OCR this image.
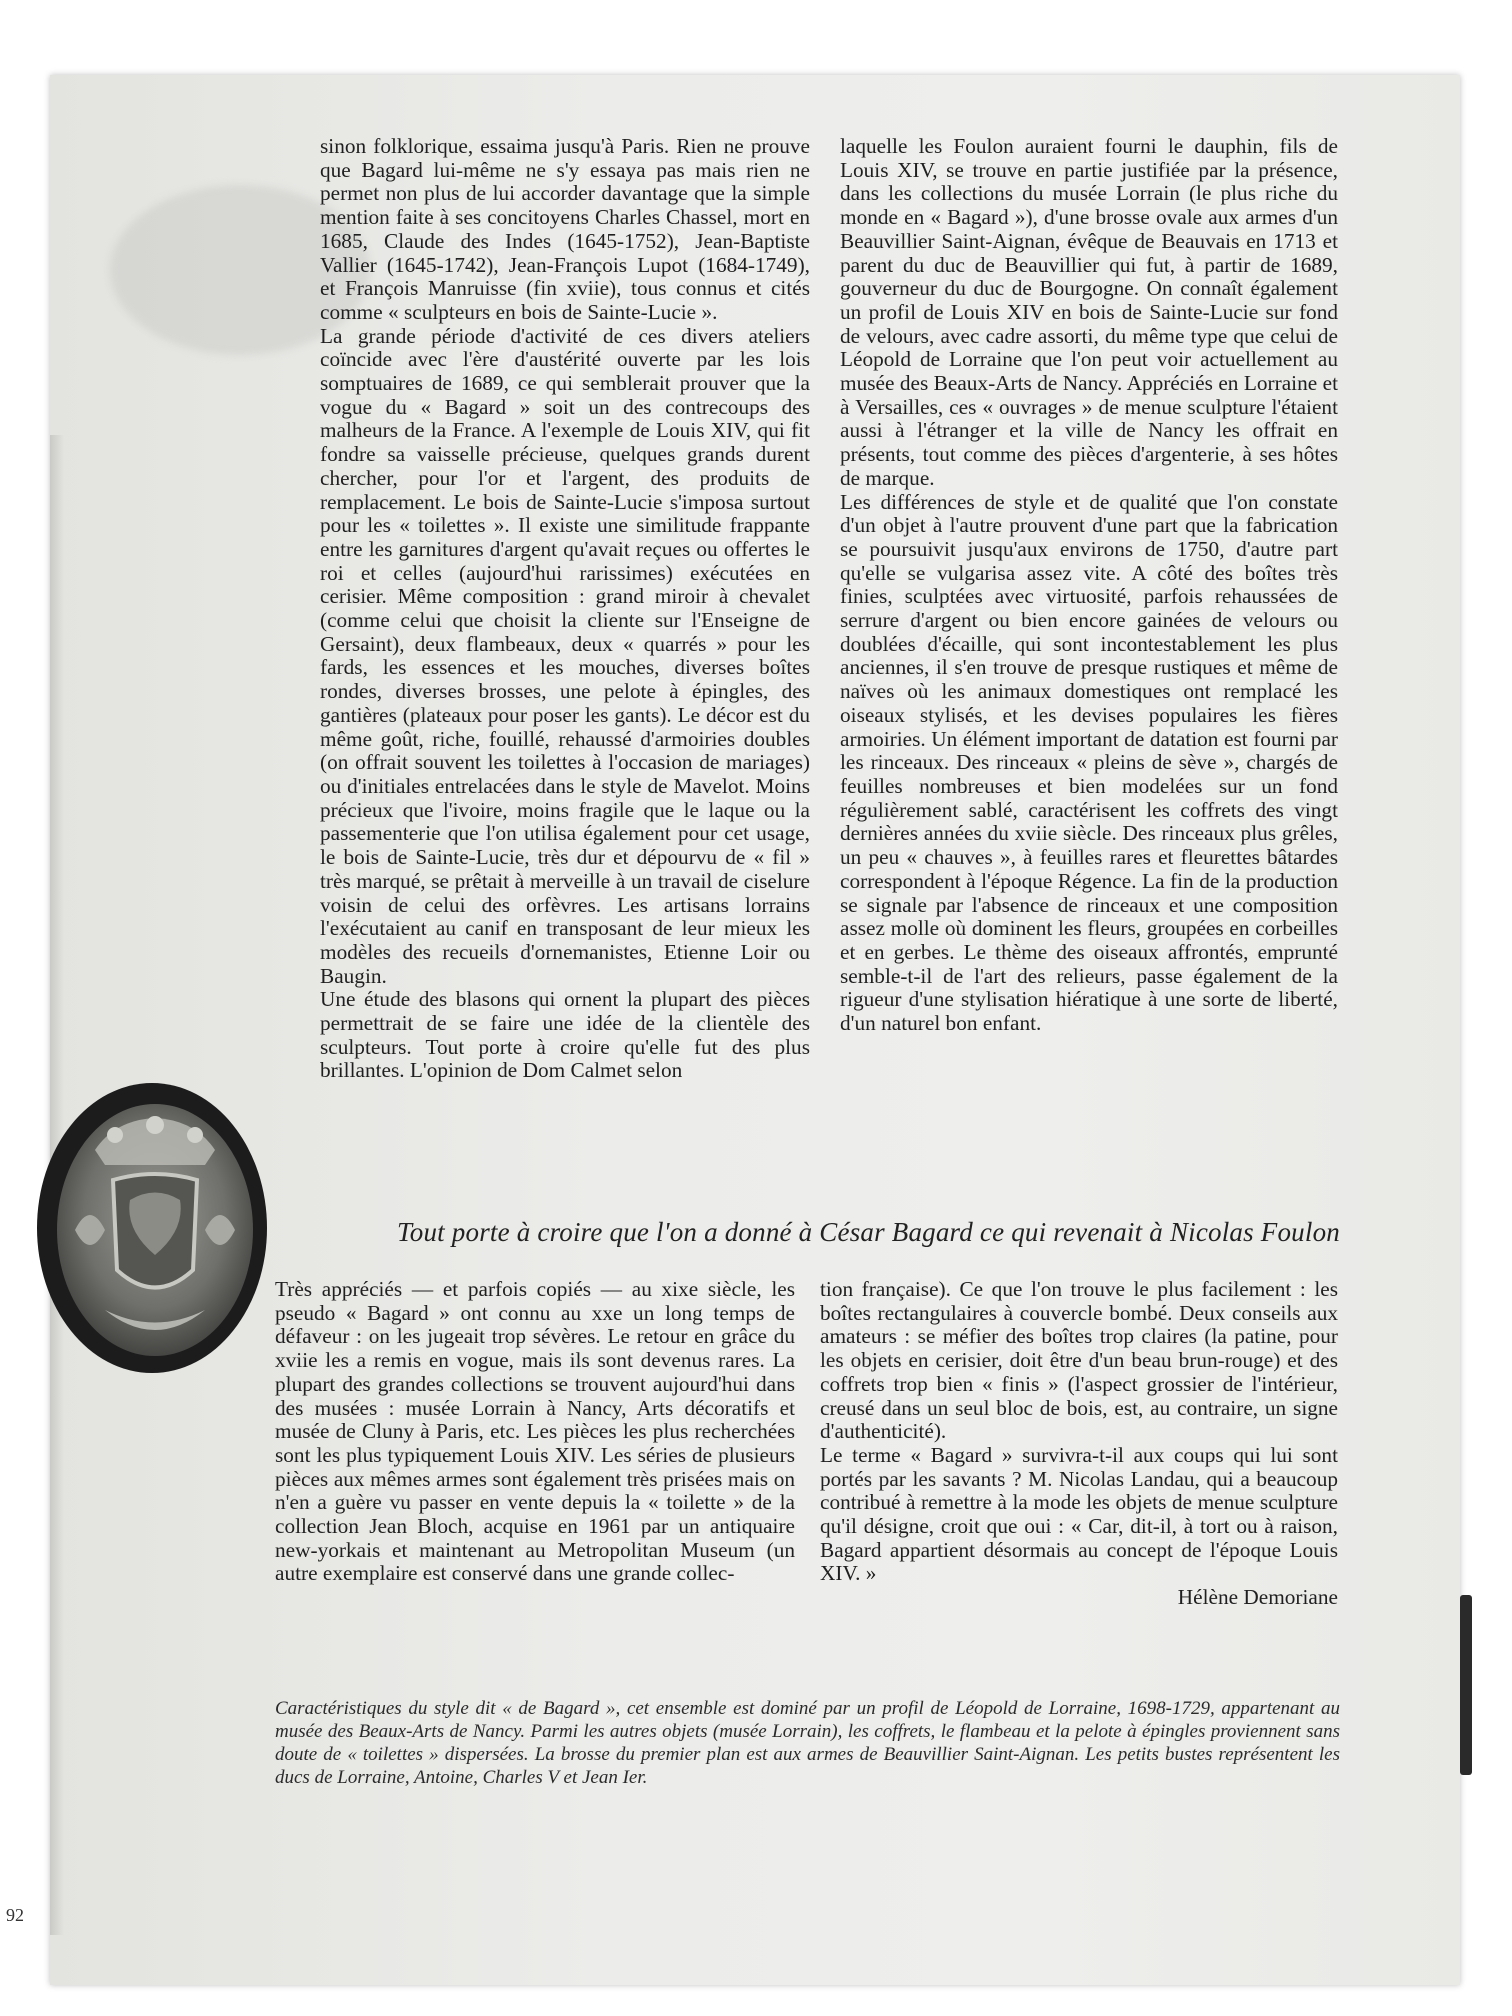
sinon folklorique, essaima jusqu'à Paris. Rien ne prouve que Bagard lui-même ne s'y essaya pas mais rien ne permet non plus de lui accorder davantage que la simple mention faite à ses concitoyens Charles Chassel, mort en 1685, Claude des Indes (1645-1752), Jean-Baptiste Vallier (1645-1742), Jean-François Lupot (1684-1749), et François Manruisse (fin xviie), tous connus et cités comme « sculpteurs en bois de Sainte-Lucie ».

La grande période d'activité de ces divers ateliers coïncide avec l'ère d'austérité ouverte par les lois somptuaires de 1689, ce qui semblerait prouver que la vogue du « Bagard » soit un des contrecoups des malheurs de la France. A l'exemple de Louis XIV, qui fit fondre sa vaisselle précieuse, quelques grands durent chercher, pour l'or et l'argent, des produits de remplacement. Le bois de Sainte-Lucie s'imposa surtout pour les « toilettes ». Il existe une similitude frappante entre les garnitures d'argent qu'avait reçues ou offertes le roi et celles (aujourd'hui rarissimes) exécutées en cerisier. Même composition : grand miroir à chevalet (comme celui que choisit la cliente sur l'Enseigne de Gersaint), deux flambeaux, deux « quarrés » pour les fards, les essences et les mouches, diverses boîtes rondes, diverses brosses, une pelote à épingles, des gantières (plateaux pour poser les gants). Le décor est du même goût, riche, fouillé, rehaussé d'armoiries doubles (on offrait souvent les toilettes à l'occasion de mariages) ou d'initiales entrelacées dans le style de Mavelot. Moins précieux que l'ivoire, moins fragile que le laque ou la passementerie que l'on utilisa également pour cet usage, le bois de Sainte-Lucie, très dur et dépourvu de « fil » très marqué, se prêtait à merveille à un travail de ciselure voisin de celui des orfèvres. Les artisans lorrains l'exécutaient au canif en transposant de leur mieux les modèles des recueils d'ornemanistes, Etienne Loir ou Baugin.

Une étude des blasons qui ornent la plupart des pièces permettrait de se faire une idée de la clientèle des sculpteurs. Tout porte à croire qu'elle fut des plus brillantes. L'opinion de Dom Calmet selon

laquelle les Foulon auraient fourni le dauphin, fils de Louis XIV, se trouve en partie justifiée par la présence, dans les collections du musée Lorrain (le plus riche du monde en « Bagard »), d'une brosse ovale aux armes d'un Beauvillier Saint-Aignan, évêque de Beauvais en 1713 et parent du duc de Beauvillier qui fut, à partir de 1689, gouverneur du duc de Bourgogne. On connaît également un profil de Louis XIV en bois de Sainte-Lucie sur fond de velours, avec cadre assorti, du même type que celui de Léopold de Lorraine que l'on peut voir actuellement au musée des Beaux-Arts de Nancy. Appréciés en Lorraine et à Versailles, ces « ouvrages » de menue sculpture l'étaient aussi à l'étranger et la ville de Nancy les offrait en présents, tout comme des pièces d'argenterie, à ses hôtes de marque.

Les différences de style et de qualité que l'on constate d'un objet à l'autre prouvent d'une part que la fabrication se poursuivit jusqu'aux environs de 1750, d'autre part qu'elle se vulgarisa assez vite. A côté des boîtes très finies, sculptées avec virtuosité, parfois rehaussées de serrure d'argent ou bien encore gainées de velours ou doublées d'écaille, qui sont incontestablement les plus anciennes, il s'en trouve de presque rustiques et même de naïves où les animaux domestiques ont remplacé les oiseaux stylisés, et les devises populaires les fières armoiries. Un élément important de datation est fourni par les rinceaux. Des rinceaux « pleins de sève », chargés de feuilles nombreuses et bien modelées sur un fond régulièrement sablé, caractérisent les coffrets des vingt dernières années du xviie siècle. Des rinceaux plus grêles, un peu « chauves », à feuilles rares et fleurettes bâtardes correspondent à l'époque Régence. La fin de la production se signale par l'absence de rinceaux et une composition assez molle où dominent les fleurs, groupées en corbeilles et en gerbes. Le thème des oiseaux affrontés, emprunté semble-t-il de l'art des relieurs, passe également de la rigueur d'une stylisation hiératique à une sorte de liberté, d'un naturel bon enfant.

Tout porte à croire que l'on a donné à César Bagard ce qui revenait à Nicolas Foulon

Très appréciés — et parfois copiés — au xixe siècle, les pseudo « Bagard » ont connu au xxe un long temps de défaveur : on les jugeait trop sévères. Le retour en grâce du xviie les a remis en vogue, mais ils sont devenus rares. La plupart des grandes collections se trouvent aujourd'hui dans des musées : musée Lorrain à Nancy, Arts décoratifs et musée de Cluny à Paris, etc. Les pièces les plus recherchées sont les plus typiquement Louis XIV. Les séries de plusieurs pièces aux mêmes armes sont également très prisées mais on n'en a guère vu passer en vente depuis la « toilette » de la collection Jean Bloch, acquise en 1961 par un antiquaire new-yorkais et maintenant au Metropolitan Museum (un autre exemplaire est conservé dans une grande collec-

tion française). Ce que l'on trouve le plus facilement : les boîtes rectangulaires à couvercle bombé. Deux conseils aux amateurs : se méfier des boîtes trop claires (la patine, pour les objets en cerisier, doit être d'un beau brun-rouge) et des coffrets trop bien « finis » (l'aspect grossier de l'intérieur, creusé dans un seul bloc de bois, est, au contraire, un signe d'authenticité).

Le terme « Bagard » survivra-t-il aux coups qui lui sont portés par les savants ? M. Nicolas Landau, qui a beaucoup contribué à remettre à la mode les objets de menue sculpture qu'il désigne, croit que oui : « Car, dit-il, à tort ou à raison, Bagard appartient désormais au concept de l'époque Louis XIV. »

Hélène Demoriane

Caractéristiques du style dit « de Bagard », cet ensemble est dominé par un profil de Léopold de Lorraine, 1698-1729, appartenant au musée des Beaux-Arts de Nancy. Parmi les autres objets (musée Lorrain), les coffrets, le flambeau et la pelote à épingles proviennent sans doute de « toilettes » dispersées. La brosse du premier plan est aux armes de Beauvillier Saint-Aignan. Les petits bustes représentent les ducs de Lorraine, Antoine, Charles V et Jean Ier.
92
